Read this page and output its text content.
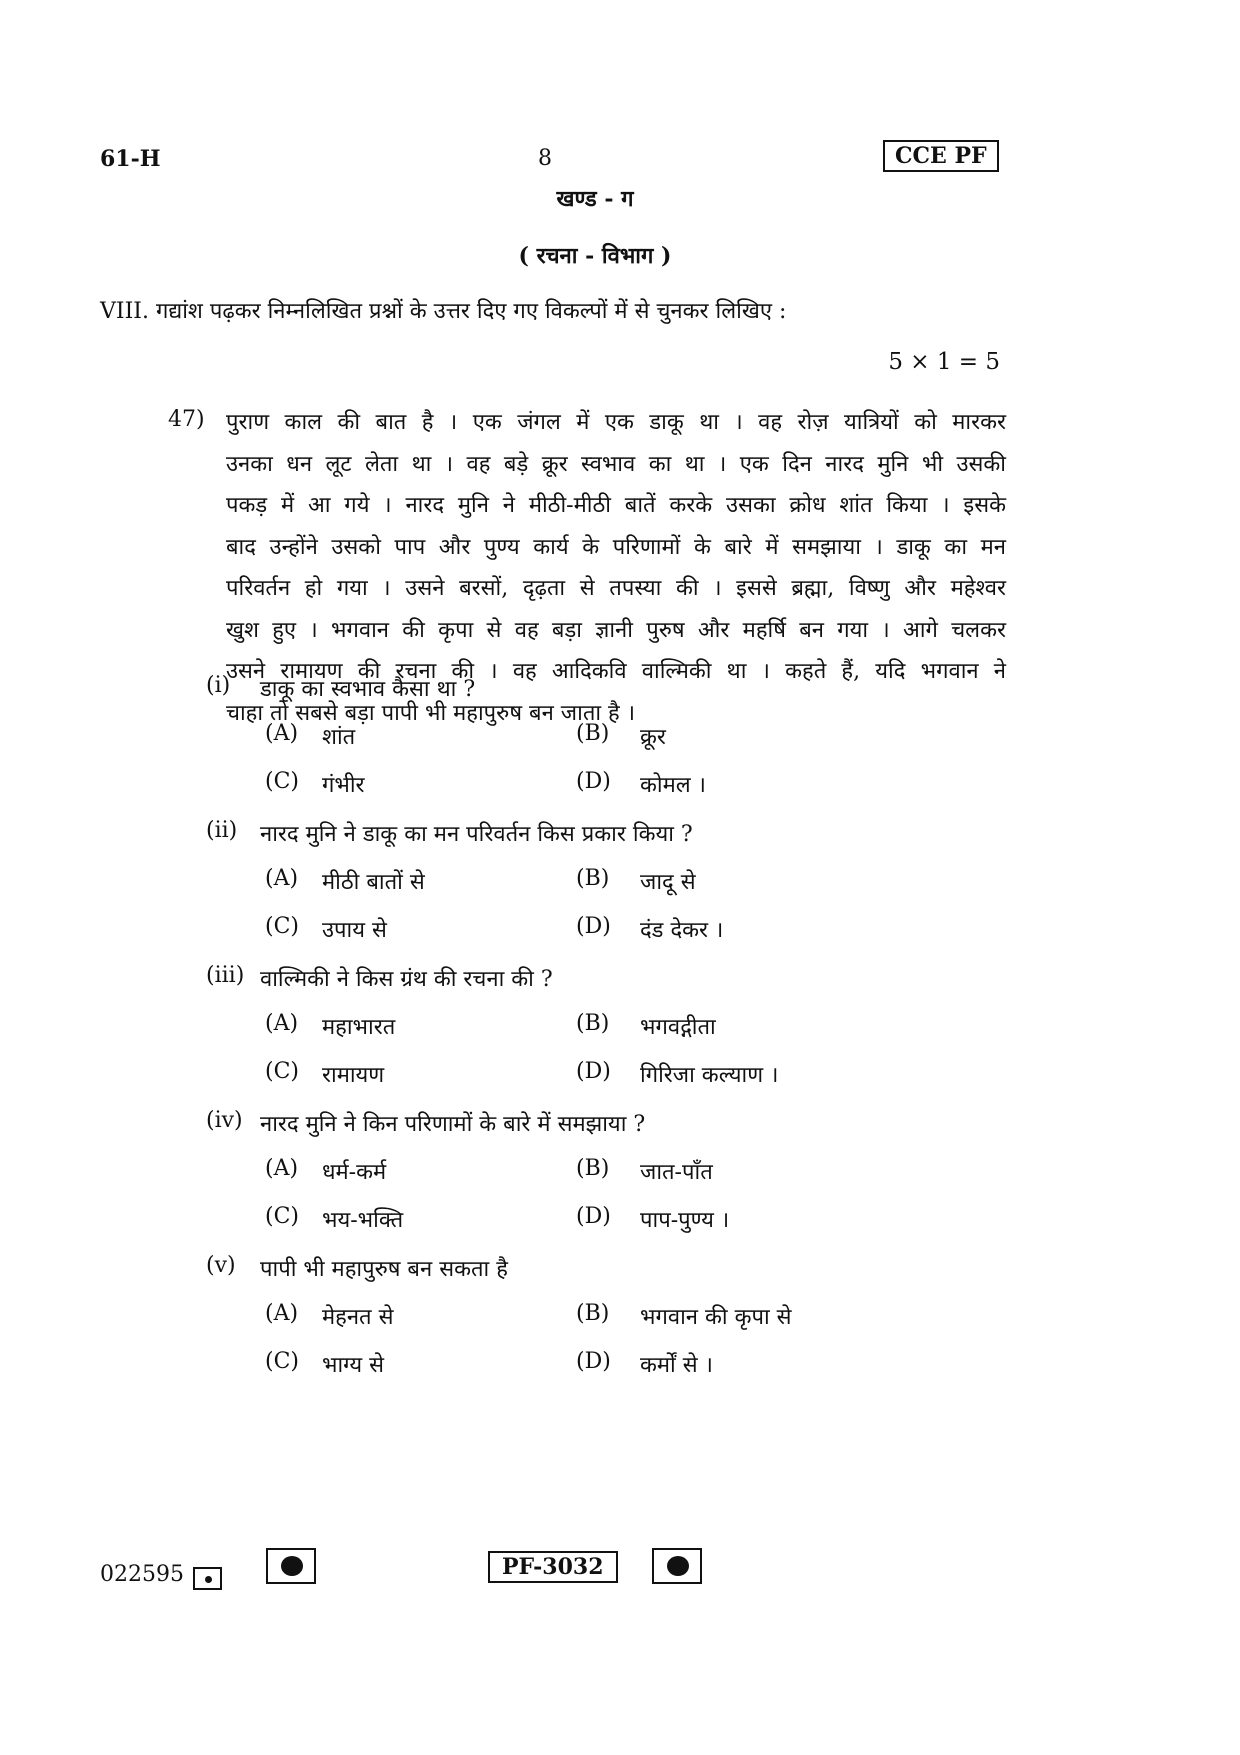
61-H	8	CCE PF
खण्ड - ग
( रचना - विभाग )
VIII. गद्यांश पढ़कर निम्नलिखित प्रश्नों के उत्तर दिए गए विकल्पों में से चुनकर लिखिए :
5 × 1 = 5
47) पुराण काल की बात है । एक जंगल में एक डाकू था । वह रोज़ यात्रियों को मारकर
उनका धन लूट लेता था । वह बड़े क्रूर स्वभाव का था । एक दिन नारद मुनि भी उसकी
पकड़ में आ गये । नारद मुनि ने मीठी-मीठी बातें करके उसका क्रोध शांत किया । इसके
बाद उन्होंने उसको पाप और पुण्य कार्य के परिणामों के बारे में समझाया । डाकू का मन
परिवर्तन हो गया । उसने बरसों, दृढ़ता से तपस्या की । इससे ब्रह्मा, विष्णु और महेश्वर
खुश हुए । भगवान की कृपा से वह बड़ा ज्ञानी पुरुष और महर्षि बन गया । आगे चलकर
उसने रामायण की रचना की । वह आदिकवि वाल्मिकी था । कहते हैं, यदि भगवान ने
चाहा तो सबसे बड़ा पापी भी महापुरुष बन जाता है ।
(i) डाकू का स्वभाव कैसा था ?
(A) शांत	(B) क्रूर
(C) गंभीर	(D) कोमल ।
(ii) नारद मुनि ने डाकू का मन परिवर्तन किस प्रकार किया ?
(A) मीठी बातों से	(B) जादू से
(C) उपाय से	(D) दंड देकर ।
(iii) वाल्मिकी ने किस ग्रंथ की रचना की ?
(A) महाभारत	(B) भगवद्गीता
(C) रामायण	(D) गिरिजा कल्याण ।
(iv) नारद मुनि ने किन परिणामों के बारे में समझाया ?
(A) धर्म-कर्म	(B) जात-पाँत
(C) भय-भक्ति	(D) पाप-पुण्य ।
(v) पापी भी महापुरुष बन सकता है
(A) मेहनत से	(B) भगवान की कृपा से
(C) भाग्य से	(D) कर्मों से ।
022595	PF-3032
